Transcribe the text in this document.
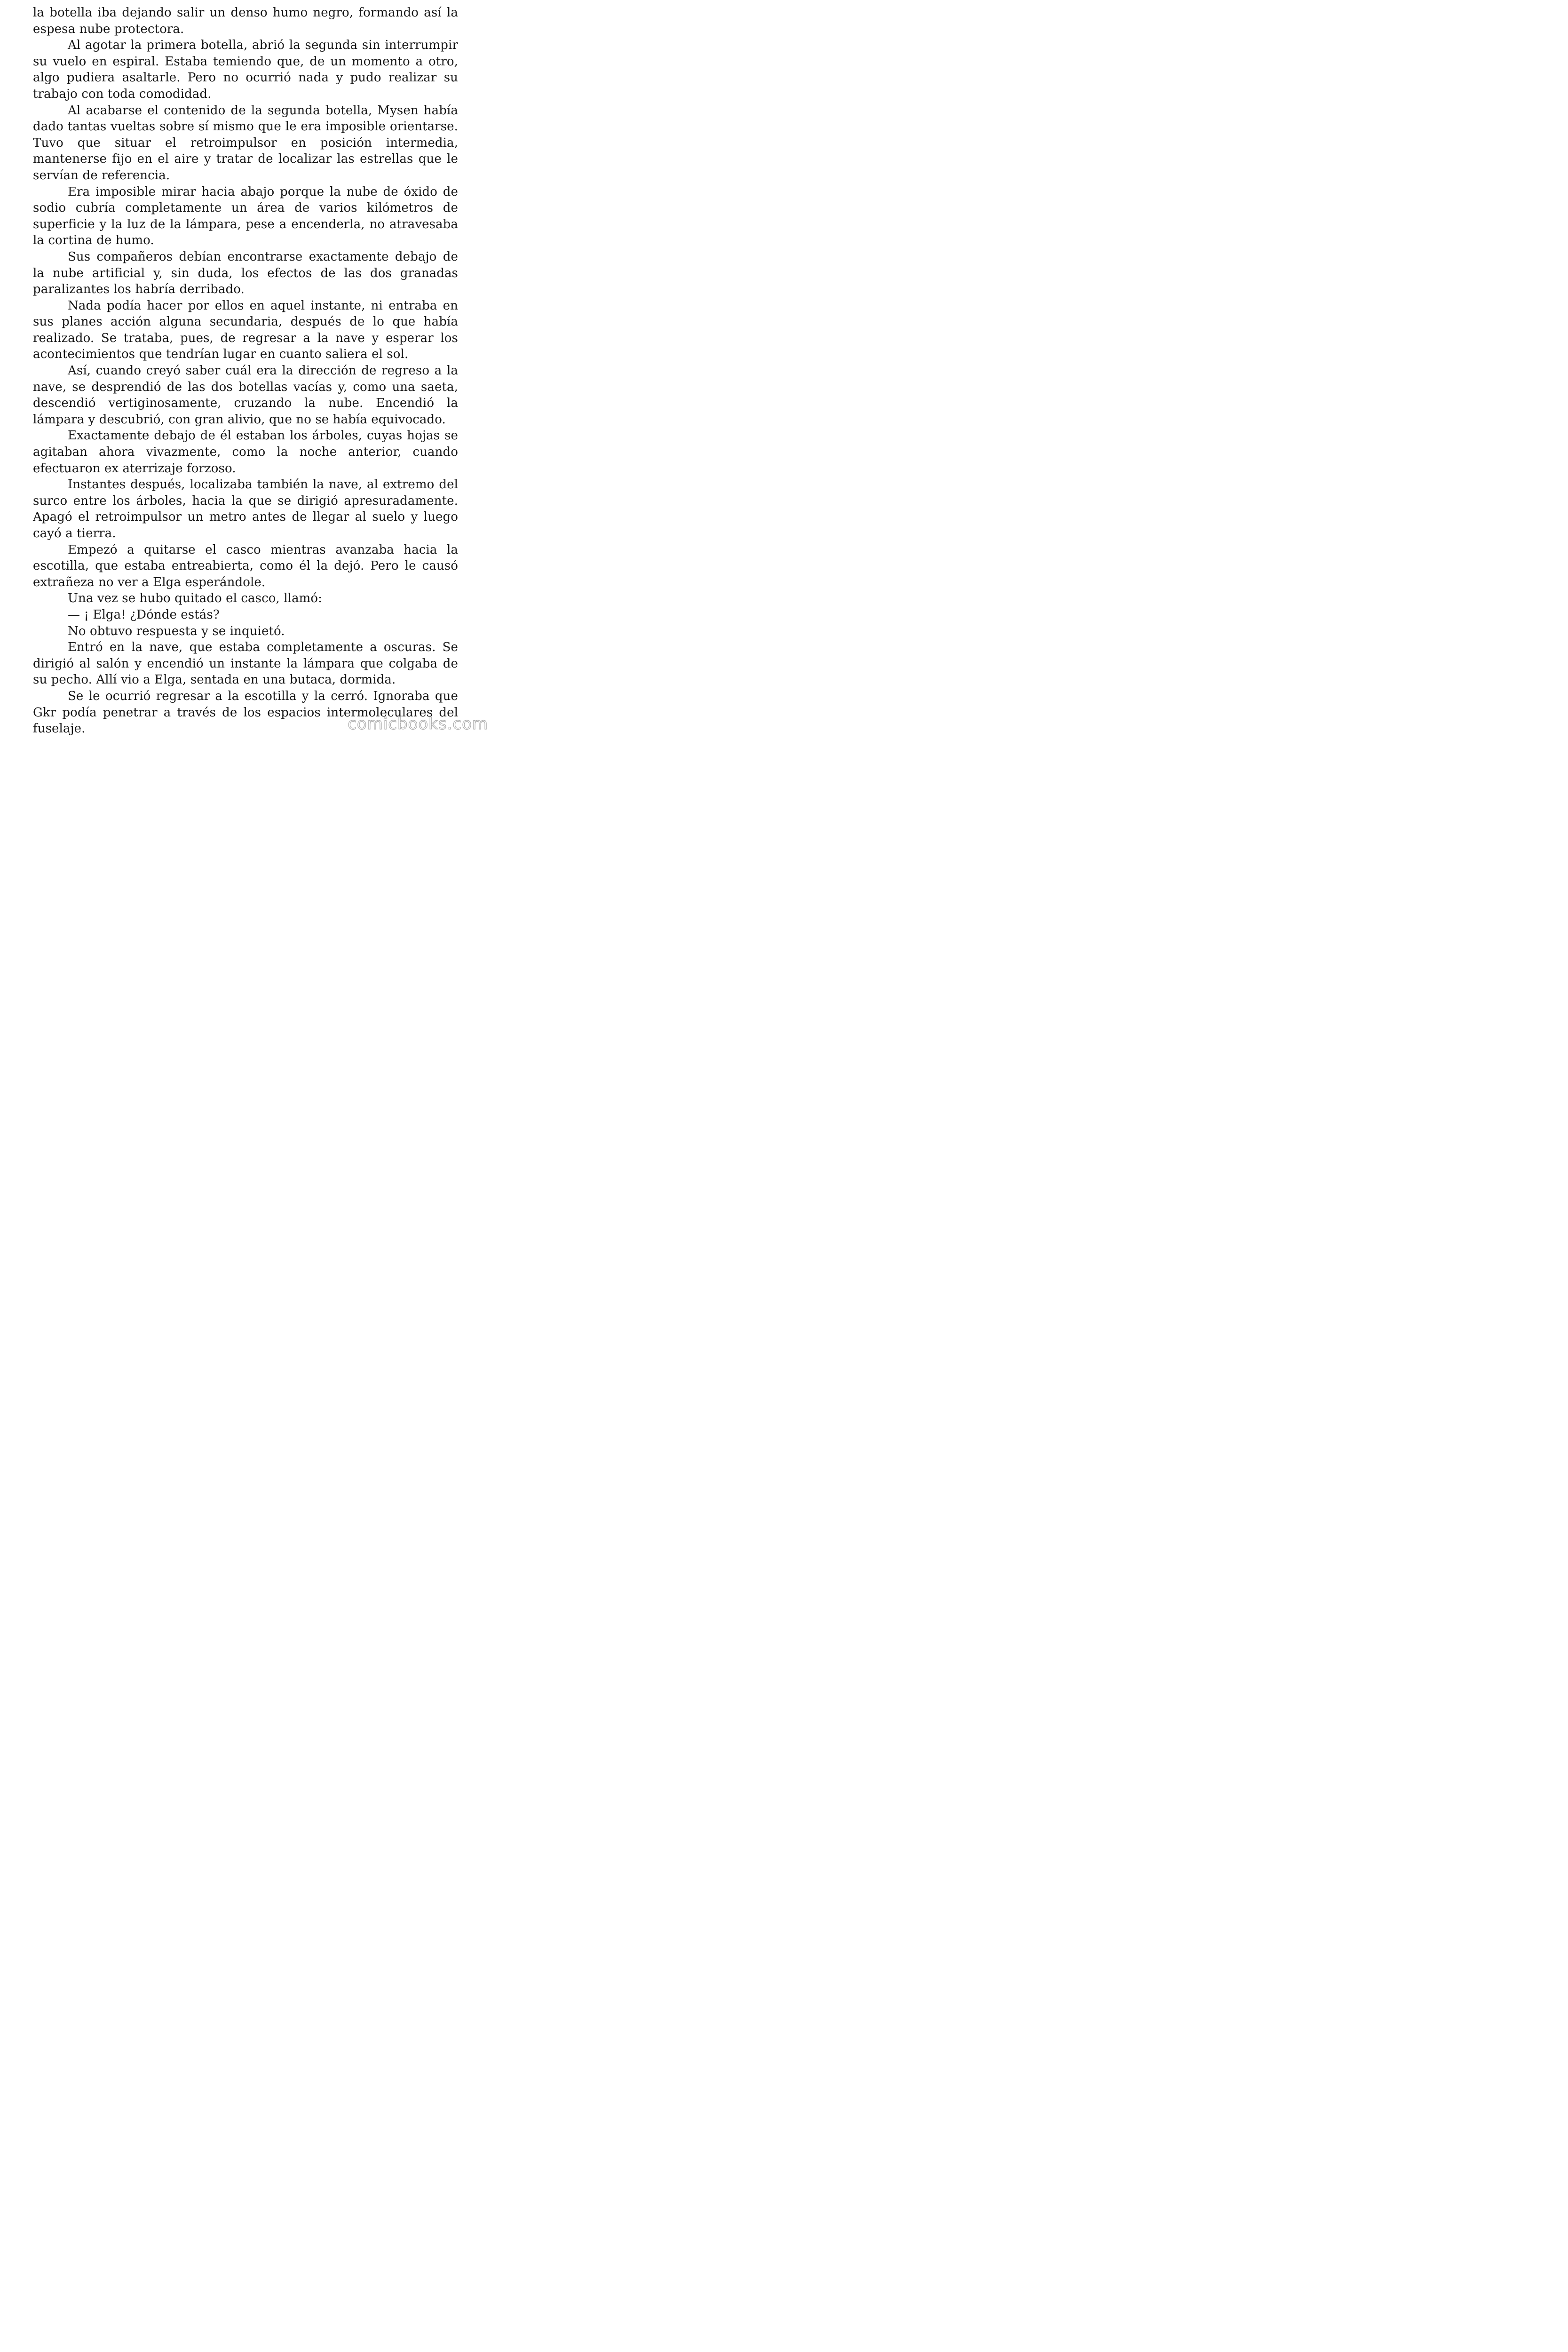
la botella iba dejando salir un denso humo negro, formando así la espesa nube protectora.

Al agotar la primera botella, abrió la segunda sin interrumpir su vuelo en espiral. Estaba temiendo que, de un momento a otro, algo pudiera asaltarle. Pero no ocurrió nada y pudo realizar su trabajo con toda comodidad.

Al acabarse el contenido de la segunda botella, Mysen había dado tantas vueltas sobre sí mismo que le era imposible orientarse. Tuvo que situar el retroimpulsor en posición intermedia, mantenerse fijo en el aire y tratar de localizar las estrellas que le servían de referencia.

Era imposible mirar hacia abajo porque la nube de óxido de sodio cubría completamente un área de varios kilómetros de superficie y la luz de la lámpara, pese a encenderla, no atravesaba la cortina de humo.

Sus compañeros debían encontrarse exactamente debajo de la nube artificial y, sin duda, los efectos de las dos granadas paralizantes los habría derribado.

Nada podía hacer por ellos en aquel instante, ni entraba en sus planes acción alguna secundaria, después de lo que había realizado. Se trataba, pues, de regresar a la nave y esperar los acontecimientos que tendrían lugar en cuanto saliera el sol.

Así, cuando creyó saber cuál era la dirección de regreso a la nave, se desprendió de las dos botellas vacías y, como una saeta, descendió vertiginosamente, cruzando la nube. Encendió la lámpara y descubrió, con gran alivio, que no se había equivocado.

Exactamente debajo de él estaban los árboles, cuyas hojas se agitaban ahora vivazmente, como la noche anterior, cuando efectuaron ex aterrizaje forzoso.

Instantes después, localizaba también la nave, al extremo del surco entre los árboles, hacia la que se dirigió apresuradamente. Apagó el retroimpulsor un metro antes de llegar al suelo y luego cayó a tierra.

Empezó a quitarse el casco mientras avanzaba hacia la escotilla, que estaba entreabierta, como él la dejó. Pero le causó extrañeza no ver a Elga esperándole.

Una vez se hubo quitado el casco, llamó:

— ¡ Elga! ¿Dónde estás?

No obtuvo respuesta y se inquietó.

Entró en la nave, que estaba completamente a oscuras. Se dirigió al salón y encendió un instante la lámpara que colgaba de su pecho. Allí vio a Elga, sentada en una butaca, dormida.

Se le ocurrió regresar a la escotilla y la cerró. Ignoraba que Gkr podía penetrar a través de los espacios intermoleculares del fuselaje.	comicbooks.com
